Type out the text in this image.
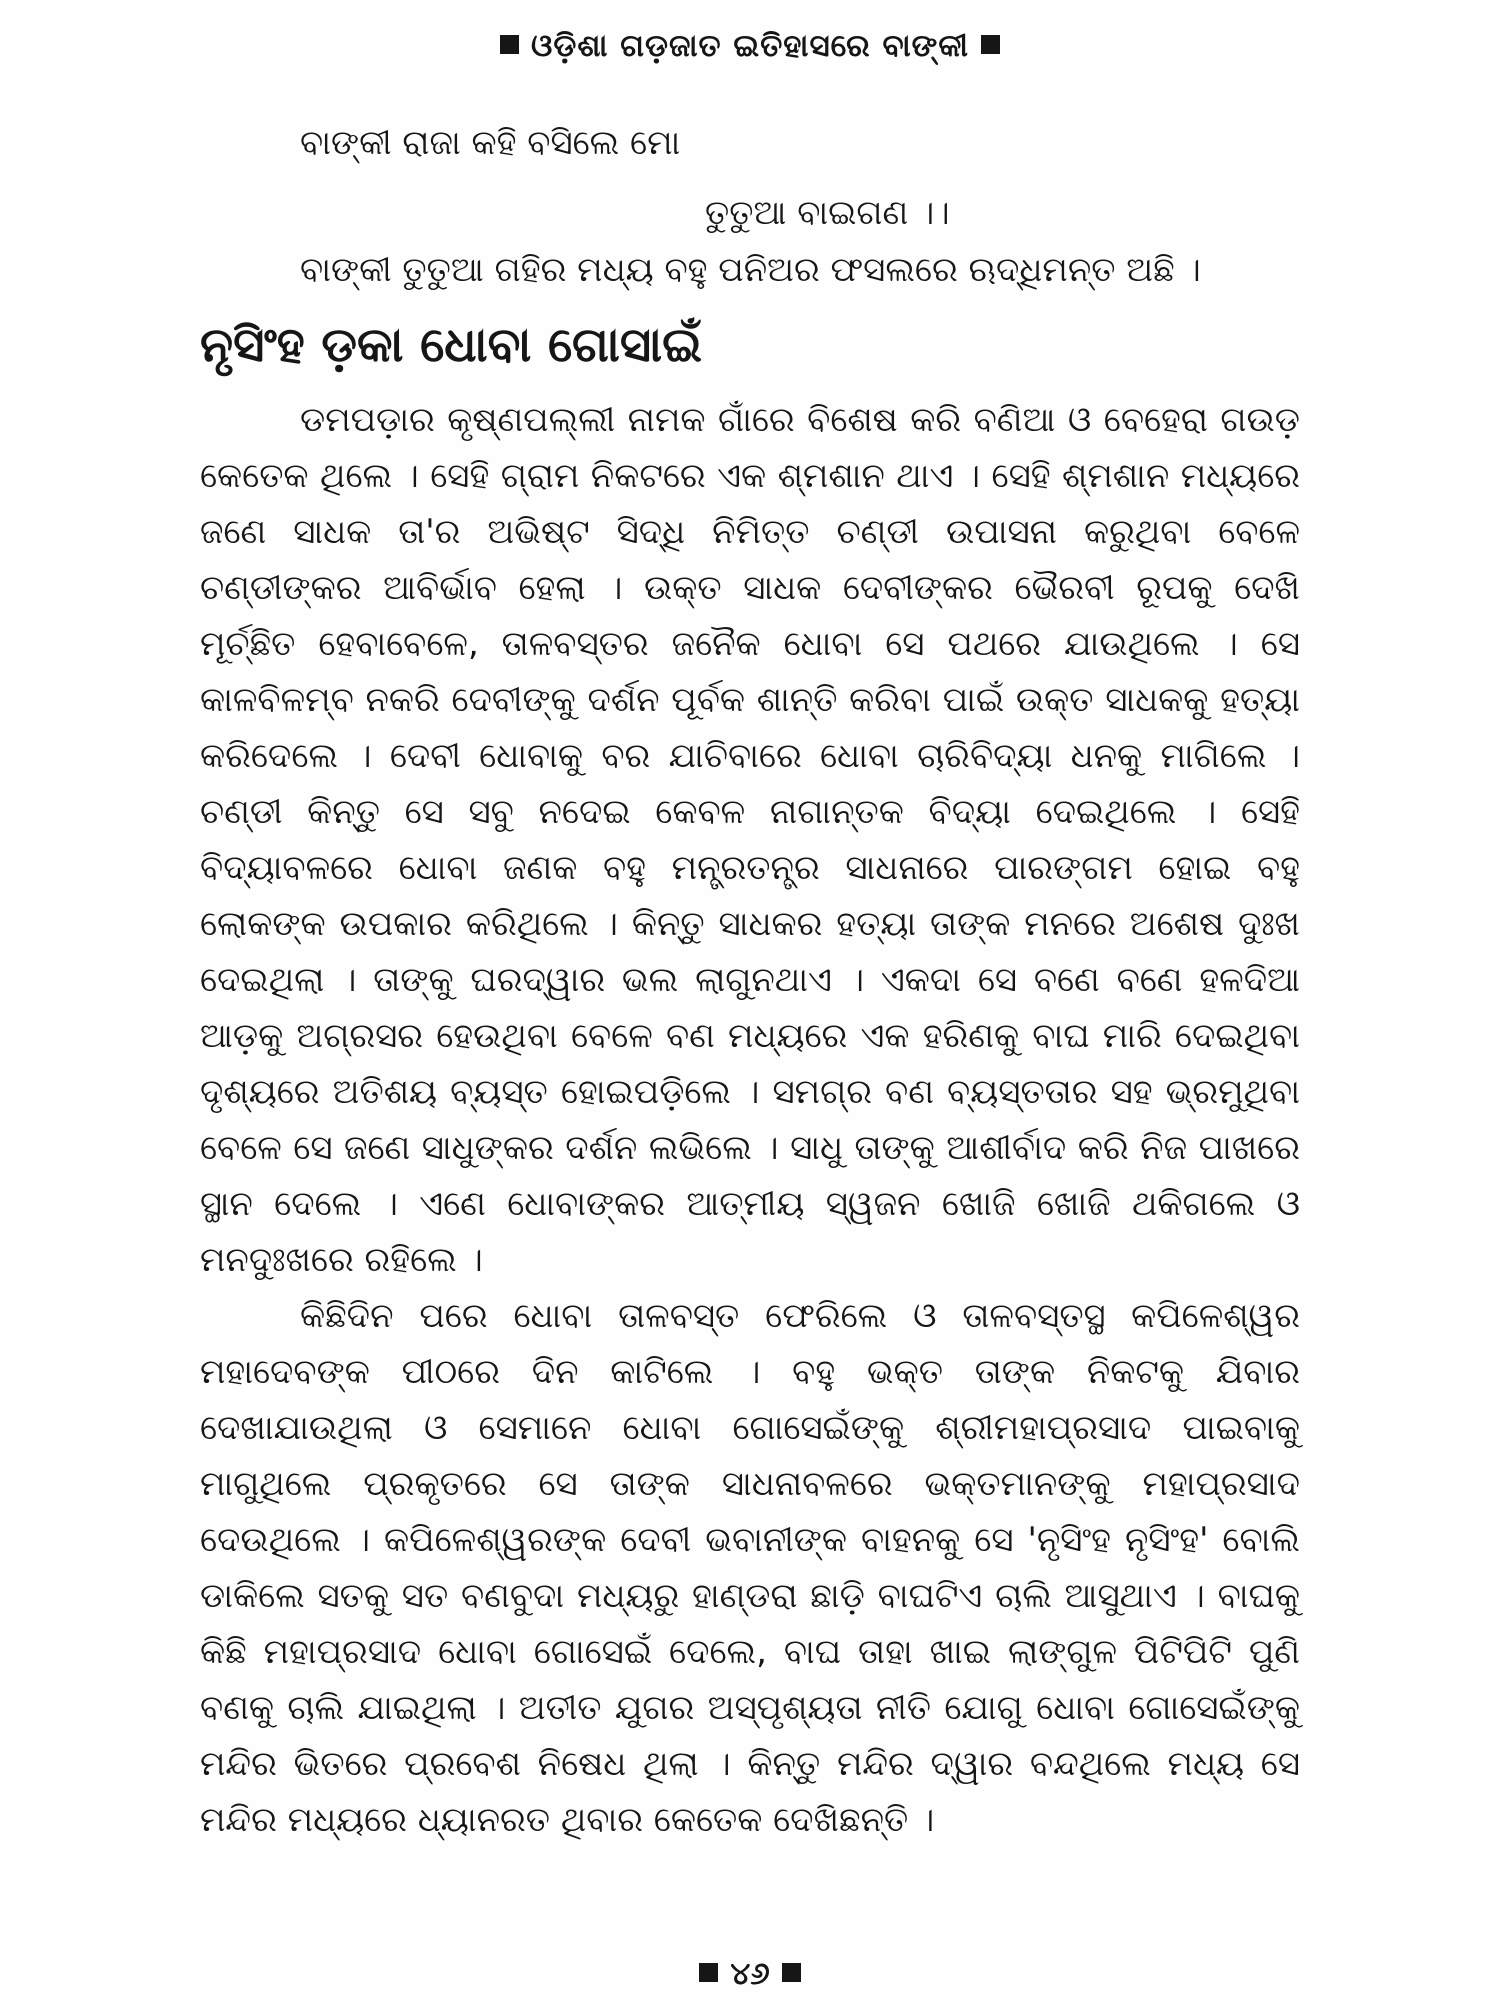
ଓଡ଼ିଶା ଗଡ଼ଜାତ ଇତିହାସରେ ବାଙ୍କୀ
ବାଙ୍କୀ ରାଜା କହି ବସିଲେ ମୋ
ତୁତୁଆ ବାଇଗଣ ।।
ବାଙ୍କୀ ତୁତୁଆ ଗହିର ମଧ୍ୟ ବହୁ ପନିଅର ଫସଲରେ ଋଦ୍ଧିମନ୍ତ ଅଛି ।
ନୃସିଂହ ଡ଼କା ଧୋବା ଗୋସାଇଁ

ଡମପଡ଼ାର କୃଷ୍ଣପଲ୍ଲୀ ନାମକ ଗାଁରେ ବିଶେଷ କରି ବଣିଆ ଓ ବେହେରା ଗଉଡ଼ କେତେକ ଥିଲେ । ସେହି ଗ୍ରାମ ନିକଟରେ ଏକ ଶ୍ମଶାନ ଥାଏ । ସେହି ଶ୍ମଶାନ ମଧ୍ୟରେ ଜଣେ ସାଧକ ତା'ର ଅଭିଷ୍ଟ ସିଦ୍ଧି ନିମିତ୍ତ ଚଣ୍ଡୀ ଉପାସନା କରୁଥିବା ବେଳେ ଚଣ୍ଡୀଙ୍କର ଆବିର୍ଭାବ ହେଲା । ଉକ୍ତ ସାଧକ ଦେବୀଙ୍କର ଭୈରବୀ ରୂପକୁ ଦେଖି ମୂର୍ଚ୍ଛିତ ହେବାବେଳେ, ତାଳବସ୍ତର ଜନୈକ ଧୋବା ସେ ପଥରେ ଯାଉଥିଲେ । ସେ କାଳବିଳମ୍ବ ନକରି ଦେବୀଙ୍କୁ ଦର୍ଶନ ପୂର୍ବକ ଶାନ୍ତି କରିବା ପାଇଁ ଉକ୍ତ ସାଧକକୁ ହତ୍ୟା କରିଦେଲେ । ଦେବୀ ଧୋବାକୁ ବର ଯାଚିବାରେ ଧୋବା ଚାରିବିଦ୍ୟା ଧନକୁ ମାଗିଲେ । ଚଣ୍ଡୀ କିନ୍ତୁ ସେ ସବୁ ନଦେଇ କେବଳ ନାଗାନ୍ତକ ବିଦ୍ୟା ଦେଇଥିଲେ । ସେହି ବିଦ୍ୟାବଳରେ ଧୋବା ଜଣକ ବହୁ ମନ୍ତ୍ରତନ୍ତ୍ର ସାଧନାରେ ପାରଙ୍ଗମ ହୋଇ ବହୁ ଲୋକଙ୍କ ଉପକାର କରିଥିଲେ । କିନ୍ତୁ ସାଧକର ହତ୍ୟା ତାଙ୍କ ମନରେ ଅଶେଷ ଦୁଃଖ ଦେଇଥିଲା । ତାଙ୍କୁ ଘରଦ୍ୱାର ଭଲ ଲାଗୁନଥାଏ । ଏକଦା ସେ ବଣେ ବଣେ ହଳଦିଆ ଆଡ଼କୁ ଅଗ୍ରସର ହେଉଥିବା ବେଳେ ବଣ ମଧ୍ୟରେ ଏକ ହରିଣକୁ ବାଘ ମାରି ଦେଇଥିବା ଦୃଶ୍ୟରେ ଅତିଶୟ ବ୍ୟସ୍ତ ହୋଇପଡ଼ିଲେ । ସମଗ୍ର ବଣ ବ୍ୟସ୍ତତାର ସହ ଭ୍ରମୁଥିବା ବେଳେ ସେ ଜଣେ ସାଧୁଙ୍କର ଦର୍ଶନ ଲଭିଲେ । ସାଧୁ ତାଙ୍କୁ ଆଶୀର୍ବାଦ କରି ନିଜ ପାଖରେ ସ୍ଥାନ ଦେଲେ । ଏଣେ ଧୋବାଙ୍କର ଆତ୍ମୀୟ ସ୍ୱଜନ ଖୋଜି ଖୋଜି ଥକିଗଲେ ଓ ମନଦୁଃଖରେ ରହିଲେ ।

କିଛିଦିନ ପରେ ଧୋବା ତାଳବସ୍ତ ଫେରିଲେ ଓ ତାଳବସ୍ତସ୍ଥ କପିଳେଶ୍ୱର ମହାଦେବଙ୍କ ପୀଠରେ ଦିନ କାଟିଲେ । ବହୁ ଭକ୍ତ ତାଙ୍କ ନିକଟକୁ ଯିବାର ଦେଖାଯାଉଥିଲା ଓ ସେମାନେ ଧୋବା ଗୋସେଇଁଙ୍କୁ ଶ୍ରୀମହାପ୍ରସାଦ ପାଇବାକୁ ମାଗୁଥିଲେ ପ୍ରକୃତରେ ସେ ତାଙ୍କ ସାଧନାବଳରେ ଭକ୍ତମାନଙ୍କୁ ମହାପ୍ରସାଦ ଦେଉଥିଲେ । କପିଳେଶ୍ୱରଙ୍କ ଦେବୀ ଭବାନୀଙ୍କ ବାହନକୁ ସେ 'ନୃସିଂହ ନୃସିଂହ' ବୋଲି ଡାକିଲେ ସତକୁ ସତ ବଣବୁଦା ମଧ୍ୟରୁ ହାଣ୍ଡରା ଛାଡ଼ି ବାଘଟିଏ ଚାଲି ଆସୁଥାଏ । ବାଘକୁ କିଛି ମହାପ୍ରସାଦ ଧୋବା ଗୋସେଇଁ ଦେଲେ, ବାଘ ତାହା ଖାଇ ଲାଙ୍ଗୁଳ ପିଟିପିଟି ପୁଣି ବଣକୁ ଚାଲି ଯାଇଥିଲା । ଅତୀତ ଯୁଗର ଅସ୍ପୃଶ୍ୟତା ନୀତି ଯୋଗୁ ଧୋବା ଗୋସେଇଁଙ୍କୁ ମନ୍ଦିର ଭିତରେ ପ୍ରବେଶ ନିଷେଧ ଥିଲା । କିନ୍ତୁ ମନ୍ଦିର ଦ୍ୱାର ବନ୍ଦଥିଲେ ମଧ୍ୟ ସେ ମନ୍ଦିର ମଧ୍ୟରେ ଧ୍ୟାନରତ ଥିବାର କେତେକ ଦେଖିଛନ୍ତି ।

୪୬
